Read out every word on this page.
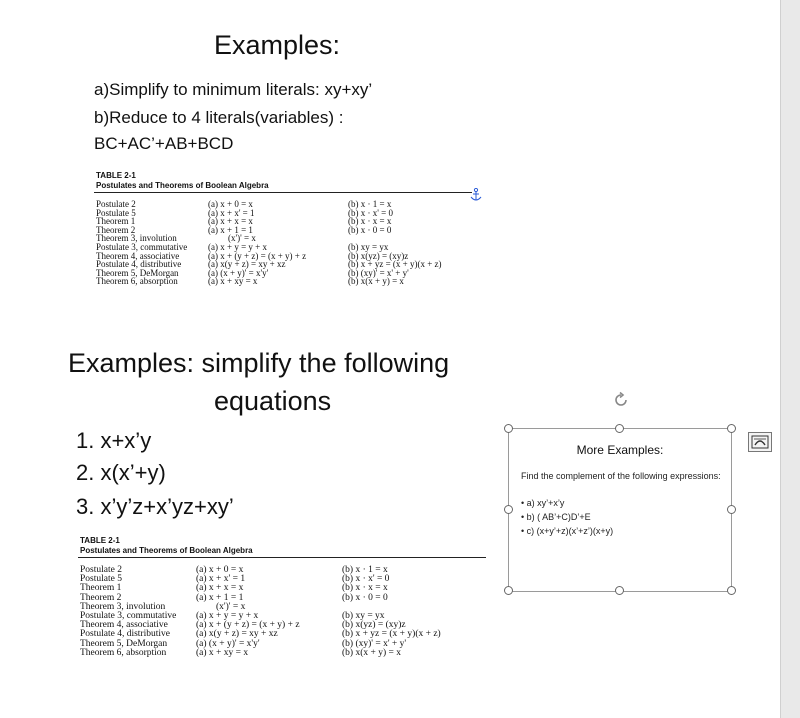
Examples:
a)Simplify to minimum literals: xy+xy’
b)Reduce to 4 literals(variables) :
BC+AC’+AB+BCD
TABLE 2-1
Postulates and Theorems of Boolean Algebra
Postulate 2
Postulate 5
Theorem 1
Theorem 2
Theorem 3, involution
Postulate 3, commutative
Theorem 4, associative
Postulate 4, distributive
Theorem 5, DeMorgan
Theorem 6, absorption
(a) x + 0 = x
(a) x + x' = 1
(a) x + x = x
(a) x + 1 = 1
(x')' = x
(a) x + y = y + x
(a) x + (y + z) = (x + y) + z
(a) x(y + z) = xy + xz
(a) (x + y)' = x'y'
(a) x + xy = x
(b) x · 1 = x
(b) x · x' = 0
(b) x · x = x
(b) x · 0 = 0
(b) xy = yx
(b) x(yz) = (xy)z
(b) x + yz = (x + y)(x + z)
(b) (xy)' = x' + y'
(b) x(x + y) = x
Examples: simplify the following
equations
1. x+x’y
2. x(x’+y)
3. x’y’z+x’yz+xy’
TABLE 2-1
Postulates and Theorems of Boolean Algebra
Postulate 2
Postulate 5
Theorem 1
Theorem 2
Theorem 3, involution
Postulate 3, commutative
Theorem 4, associative
Postulate 4, distributive
Theorem 5, DeMorgan
Theorem 6, absorption
(a) x + 0 = x
(a) x + x' = 1
(a) x + x = x
(a) x + 1 = 1
(x')' = x
(a) x + y = y + x
(a) x + (y + z) = (x + y) + z
(a) x(y + z) = xy + xz
(a) (x + y)' = x'y'
(a) x + xy = x
(b) x · 1 = x
(b) x · x' = 0
(b) x · x = x
(b) x · 0 = 0
(b) xy = yx
(b) x(yz) = (xy)z
(b) x + yz = (x + y)(x + z)
(b) (xy)' = x' + y'
(b) x(x + y) = x
More Examples:
Find the complement of the following expressions:
• a) xy’+x’y
• b) ( AB’+C)D’+E
• c) (x+y’+z)(x’+z’)(x+y)
